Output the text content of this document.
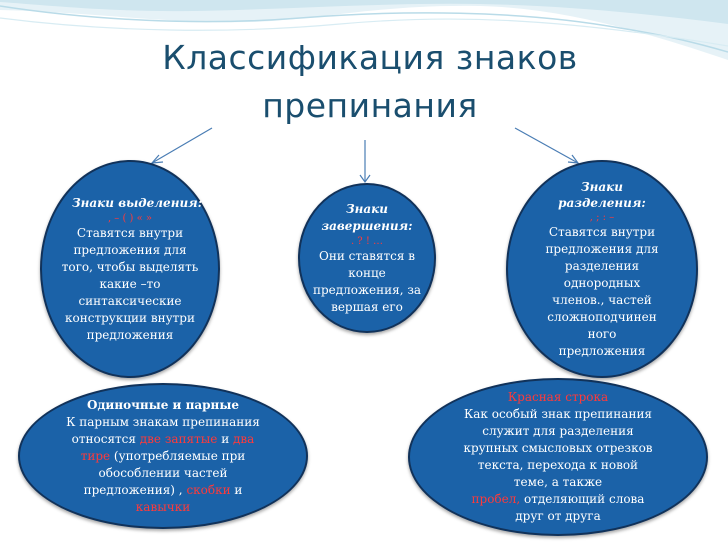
Классификация знаков
препинания
Знаки выделения:
, – ( ) « »
Ставятся внутри
предложения для
того, чтобы выделять
какие –то
синтаксические
конструкции внутри
предложения
Знаки
завершения:
. ? ! …
Они ставятся в
конце
предложения, за
вершая его
Знаки
разделения:
, ; : –
Ставятся внутри
предложения для
разделения
однородных
членов., частей
сложноподчинен
ного
предложения
Одиночные и парные
К парным знакам препинания
относятся две запятые и два
тире (употребляемые при
обособлении частей
предложения) , скобки и
кавычки
Красная строка
Как особый знак препинания
служит для разделения
крупных смысловых отрезков
текста, перехода к новой
теме, а также
пробел, отделяющий слова
друг от друга
